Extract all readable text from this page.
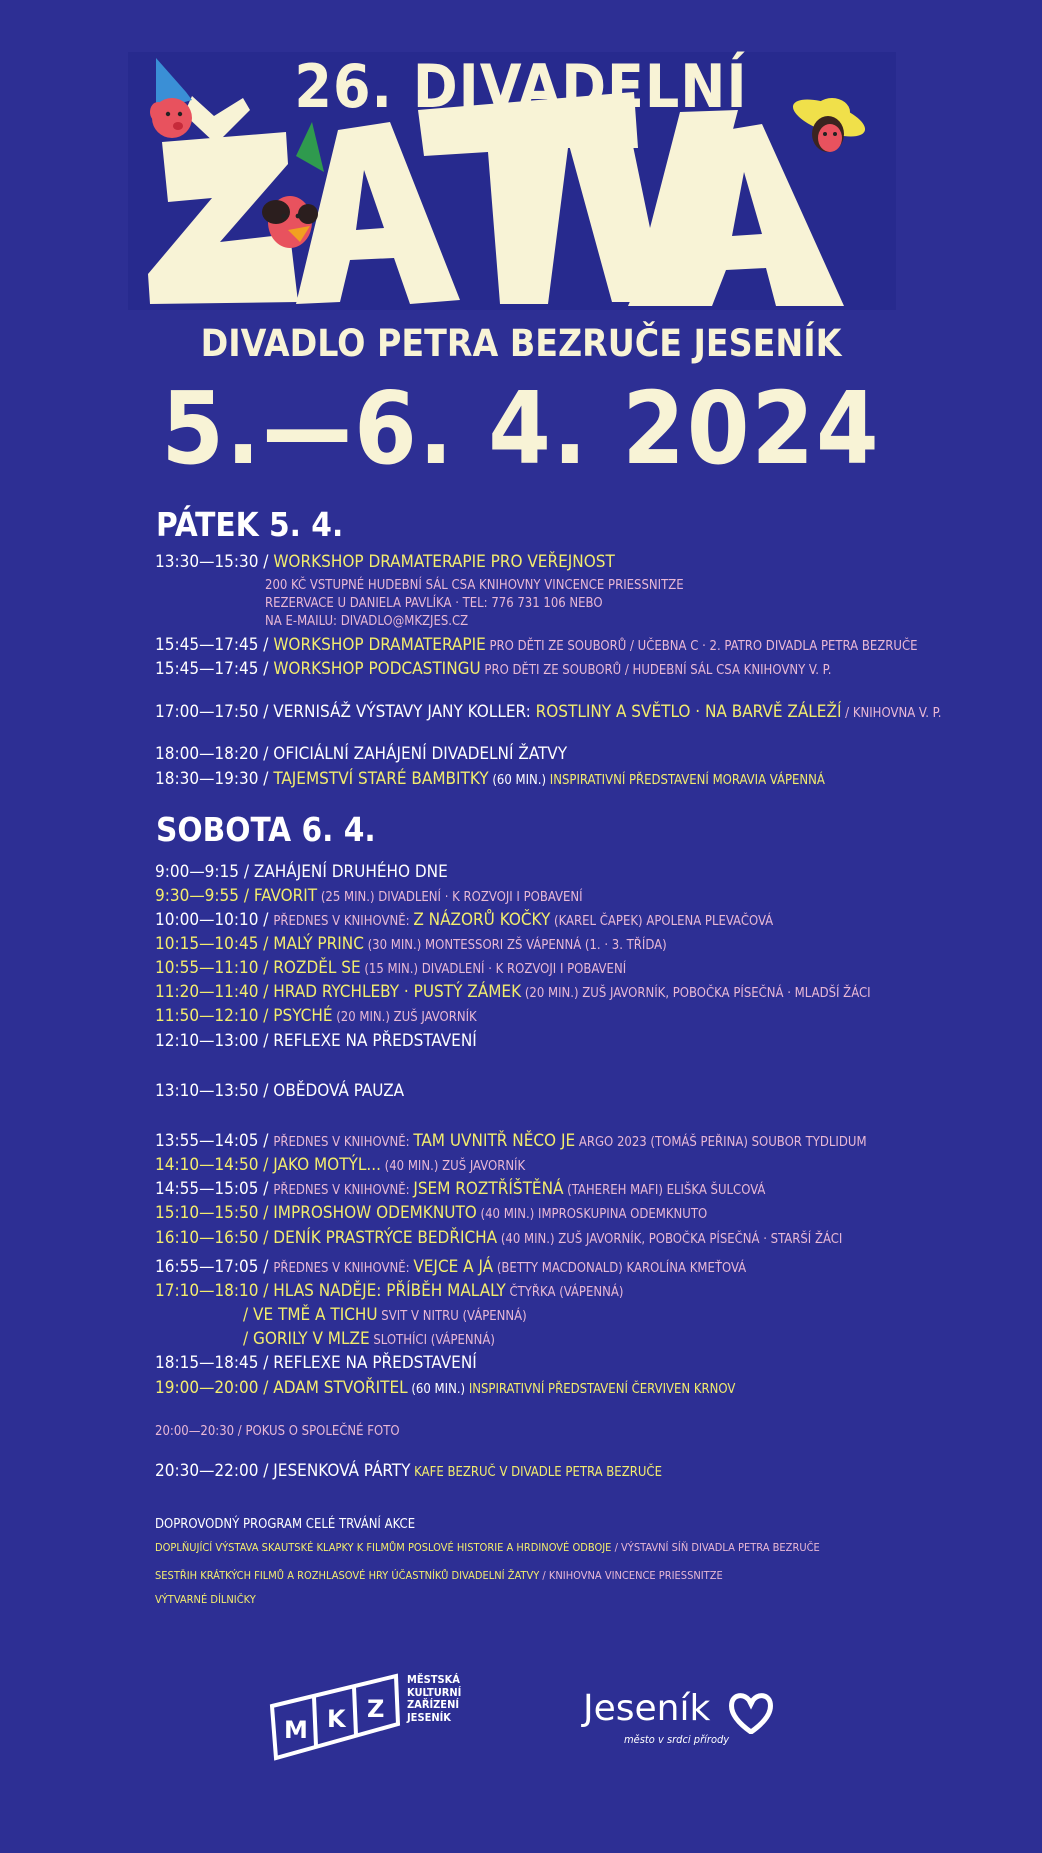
26. DIVADELNÍ
DIVADLO PETRA BEZRUČE JESENÍK
5.—6. 4. 2024
PÁTEK 5. 4.
13:30—15:30 / WORKSHOP DRAMATERAPIE PRO VEŘEJNOST
200 KČ VSTUPNÉ HUDEBNÍ SÁL CSA KNIHOVNY VINCENCE PRIESSNITZE
REZERVACE U DANIELA PAVLÍKA · TEL: 776 731 106 NEBO
NA E-MAILU: DIVADLO@MKZJES.CZ
15:45—17:45 / WORKSHOP DRAMATERAPIE PRO DĚTI ZE SOUBORŮ / UČEBNA C · 2. PATRO DIVADLA PETRA BEZRUČE
15:45—17:45 / WORKSHOP PODCASTINGU PRO DĚTI ZE SOUBORŮ / HUDEBNÍ SÁL CSA KNIHOVNY V. P.
17:00—17:50 / VERNISÁŽ VÝSTAVY JANY KOLLER: ROSTLINY A SVĚTLO · NA BARVĚ ZÁLEŽÍ / KNIHOVNA V. P.
18:00—18:20 / OFICIÁLNÍ ZAHÁJENÍ DIVADELNÍ ŽATVY
18:30—19:30 / TAJEMSTVÍ STARÉ BAMBITKY (60 MIN.) INSPIRATIVNÍ PŘEDSTAVENÍ MORAVIA VÁPENNÁ
SOBOTA 6. 4.
9:00—9:15 / ZAHÁJENÍ DRUHÉHO DNE
9:30—9:55 / FAVORIT (25 MIN.) DIVADLENÍ · K ROZVOJI I POBAVENÍ
10:00—10:10 / PŘEDNES V KNIHOVNĚ: Z NÁZORŮ KOČKY (KAREL ČAPEK) APOLENA PLEVAČOVÁ
10:15—10:45 / MALÝ PRINC (30 MIN.) MONTESSORI ZŠ VÁPENNÁ (1. · 3. TŘÍDA)
10:55—11:10 / ROZDĚL SE (15 MIN.) DIVADLENÍ · K ROZVOJI I POBAVENÍ
11:20—11:40 / HRAD RYCHLEBY · PUSTÝ ZÁMEK (20 MIN.) ZUŠ JAVORNÍK, POBOČKA PÍSEČNÁ · MLADŠÍ ŽÁCI
11:50—12:10 / PSYCHÉ (20 MIN.) ZUŠ JAVORNÍK
12:10—13:00 / REFLEXE NA PŘEDSTAVENÍ
13:10—13:50 / OBĚDOVÁ PAUZA
13:55—14:05 / PŘEDNES V KNIHOVNĚ: TAM UVNITŘ NĚCO JE ARGO 2023 (TOMÁŠ PEŘINA) SOUBOR TYDLIDUM
14:10—14:50 / JAKO MOTÝL... (40 MIN.) ZUŠ JAVORNÍK
14:55—15:05 / PŘEDNES V KNIHOVNĚ: JSEM ROZTŘÍŠTĚNÁ (TAHEREH MAFI) ELIŠKA ŠULCOVÁ
15:10—15:50 / IMPROSHOW ODEMKNUTO (40 MIN.) IMPROSKUPINA ODEMKNUTO
16:10—16:50 / DENÍK PRASTRÝCE BEDŘICHA (40 MIN.) ZUŠ JAVORNÍK, POBOČKA PÍSEČNÁ · STARŠÍ ŽÁCI
16:55—17:05 / PŘEDNES V KNIHOVNĚ: VEJCE A JÁ (BETTY MACDONALD) KAROLÍNA KMEŤOVÁ
17:10—18:10 / HLAS NADĚJE: PŘÍBĚH MALALY ČTYŘKA (VÁPENNÁ)
/ VE TMĚ A TICHU SVIT V NITRU (VÁPENNÁ)
/ GORILY V MLZE SLOTHÍCI (VÁPENNÁ)
18:15—18:45 / REFLEXE NA PŘEDSTAVENÍ
19:00—20:00 / ADAM STVOŘITEL (60 MIN.) INSPIRATIVNÍ PŘEDSTAVENÍ ČERVIVEN KRNOV
20:00—20:30 / POKUS O SPOLEČNÉ FOTO
20:30—22:00 / JESENKOVÁ PÁRTY KAFE BEZRUČ V DIVADLE PETRA BEZRUČE
DOPROVODNÝ PROGRAM CELÉ TRVÁNÍ AKCE
DOPLŇUJÍCÍ VÝSTAVA SKAUTSKÉ KLAPKY K FILMŮM POSLOVÉ HISTORIE A HRDINOVÉ ODBOJE / VÝSTAVNÍ SÍŇ DIVADLA PETRA BEZRUČE
SESTŘIH KRÁTKÝCH FILMŮ A ROZHLASOVÉ HRY ÚČASTNÍKŮ DIVADELNÍ ŽATVY / KNIHOVNA VINCENCE PRIESSNITZE
VÝTVARNÉ DÍLNIČKY
M K Z
MĚSTSKÁ
KULTURNÍ
ZAŘÍZENÍ
JESENÍK	Jeseník
město v srdci přírody
